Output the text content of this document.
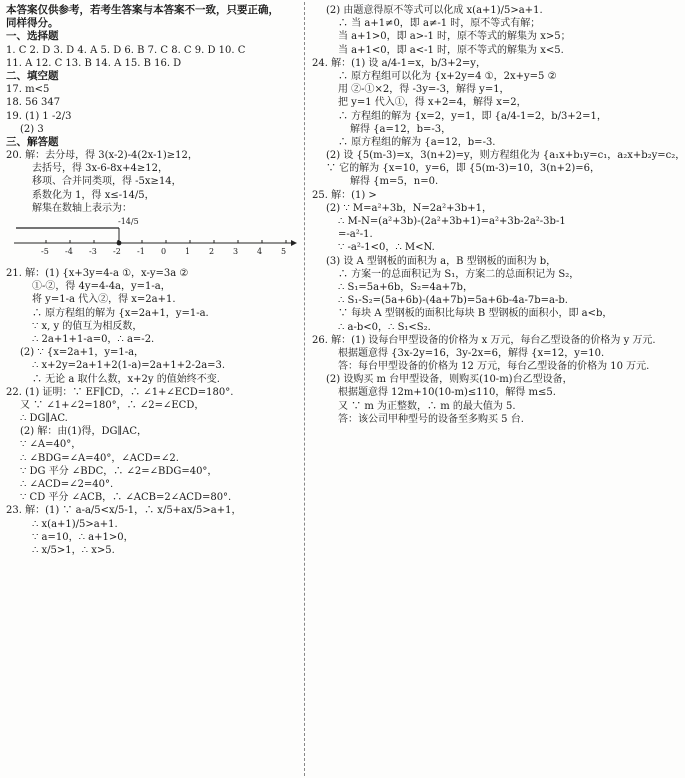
本答案仅供参考，若考生答案与本答案不一致，只要正确，
同样得分。
一、选择题
1. C 2. D 3. D 4. A 5. D 6. B 7. C 8. C 9. D 10. C
11. A 12. C 13. B 14. A 15. B 16. D
二、填空题
17. m<5
18. 56 347
19. (1) 1 -2/3
(2) 3
三、解答题
20. 解：去分母，得 3(x-2)-4(2x-1)≥12，
去括号，得 3x-6-8x+4≥12，
移项、合并同类项，得 -5x≥14，
系数化为 1，得 x≤-14/5，
解集在数轴上表示为：
-14/5
-5 -4 -3 -2 -1 0 1 2 3 4 5
21. 解：(1) {x+3y=4-a ①，x-y=3a ②
①-②，得 4y=4-4a，y=1-a，
将 y=1-a 代入②，得 x=2a+1.
∴ 原方程组的解为 {x=2a+1，y=1-a.
∵ x, y 的值互为相反数，
∴ 2a+1+1-a=0，∴ a=-2.
(2) ∵ {x=2a+1，y=1-a，
∴ x+2y=2a+1+2(1-a)=2a+1+2-2a=3.
∴ 无论 a 取什么数，x+2y 的值始终不变.
22. (1) 证明：∵ EF∥CD，∴ ∠1+∠ECD=180°.
又 ∵ ∠1+∠2=180°，∴ ∠2=∠ECD，
∴ DG∥AC.
(2) 解：由(1)得，DG∥AC，
∵ ∠A=40°，
∴ ∠BDG=∠A=40°，∠ACD=∠2.
∵ DG 平分 ∠BDC，∴ ∠2=∠BDG=40°，
∴ ∠ACD=∠2=40°.
∵ CD 平分 ∠ACB，∴ ∠ACB=2∠ACD=80°.
23. 解：(1) ∵ a-a/5<x/5-1，∴ x/5+ax/5>a+1，
∴ x(a+1)/5>a+1.
∵ a=10，∴ a+1>0，
∴ x/5>1，∴ x>5.
(2) 由题意得原不等式可以化成 x(a+1)/5>a+1.
∴ 当 a+1≠0，即 a≠-1 时，原不等式有解；
当 a+1>0，即 a>-1 时，原不等式的解集为 x>5；
当 a+1<0，即 a<-1 时，原不等式的解集为 x<5.
24. 解：(1) 设 a/4-1=x，b/3+2=y，
∴ 原方程组可以化为 {x+2y=4 ①，2x+y=5 ②
用 ②-①×2，得 -3y=-3，解得 y=1，
把 y=1 代入①，得 x+2=4，解得 x=2，
∴ 方程组的解为 {x=2，y=1，即 {a/4-1=2，b/3+2=1，
解得 {a=12，b=-3，
∴ 原方程组的解为 {a=12，b=-3.
(2) 设 {5(m-3)=x，3(n+2)=y，则方程组化为 {a₁x+b₁y=c₁，a₂x+b₂y=c₂，
∵ 它的解为 {x=10，y=6，即 {5(m-3)=10，3(n+2)=6，
解得 {m=5，n=0.
25. 解：(1) >
(2) ∵ M=a²+3b，N=2a²+3b+1，
∴ M-N=(a²+3b)-(2a²+3b+1)=a²+3b-2a²-3b-1
=-a²-1.
∵ -a²-1<0，∴ M<N.
(3) 设 A 型钢板的面积为 a，B 型钢板的面积为 b，
∴ 方案一的总面积记为 S₁，方案二的总面积记为 S₂，
∴ S₁=5a+6b，S₂=4a+7b，
∴ S₁-S₂=(5a+6b)-(4a+7b)=5a+6b-4a-7b=a-b.
∵ 每块 A 型钢板的面积比每块 B 型钢板的面积小，即 a<b，
∴ a-b<0，∴ S₁<S₂.
26. 解：(1) 设每台甲型设备的价格为 x 万元，每台乙型设备的价格为 y 万元.
根据题意得 {3x-2y=16，3y-2x=6，解得 {x=12，y=10.
答：每台甲型设备的价格为 12 万元，每台乙型设备的价格为 10 万元.
(2) 设购买 m 台甲型设备，则购买(10-m)台乙型设备，
根据题意得 12m+10(10-m)≤110，解得 m≤5.
又 ∵ m 为正整数，∴ m 的最大值为 5.
答：该公司甲种型号的设备至多购买 5 台.
